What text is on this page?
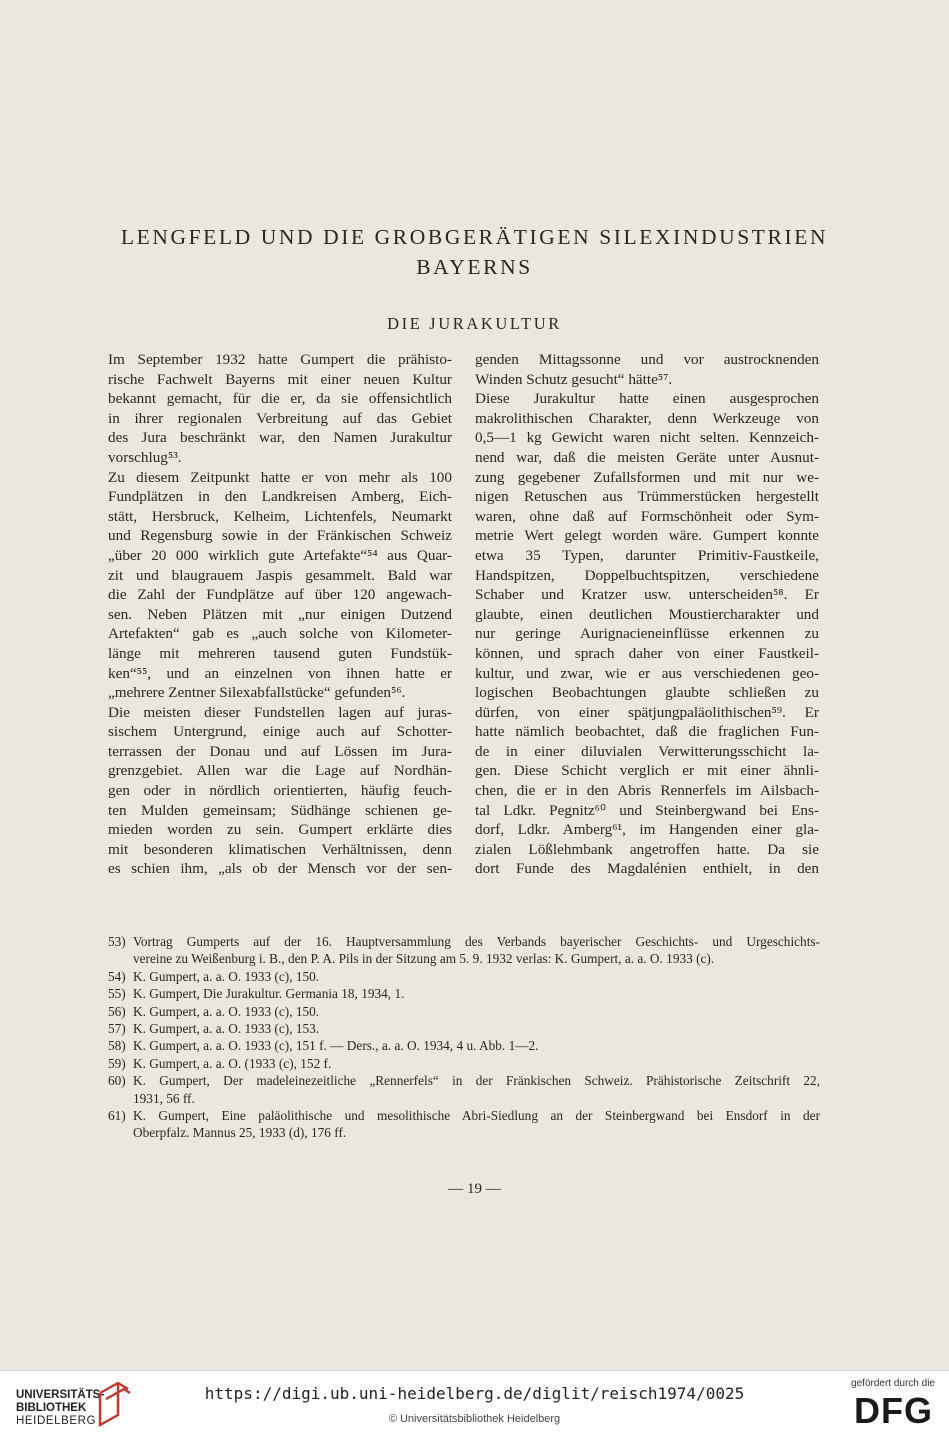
LENGFELD UND DIE GROBGERÄTIGEN SILEXINDUSTRIEN
BAYERNS
DIE JURAKULTUR
Im September 1932 hatte Gumpert die prähisto-
rische Fachwelt Bayerns mit einer neuen Kultur
bekannt gemacht, für die er, da sie offensichtlich
in ihrer regionalen Verbreitung auf das Gebiet
des Jura beschränkt war, den Namen Jurakultur
vorschlug⁵³.
Zu diesem Zeitpunkt hatte er von mehr als 100
Fundplätzen in den Landkreisen Amberg, Eich-
stätt, Hersbruck, Kelheim, Lichtenfels, Neumarkt
und Regensburg sowie in der Fränkischen Schweiz
„über 20 000 wirklich gute Artefakte“⁵⁴ aus Quar-
zit und blaugrauem Jaspis gesammelt. Bald war
die Zahl der Fundplätze auf über 120 angewach-
sen. Neben Plätzen mit „nur einigen Dutzend
Artefakten“ gab es „auch solche von Kilometer-
länge mit mehreren tausend guten Fundstük-
ken“⁵⁵, und an einzelnen von ihnen hatte er
„mehrere Zentner Silexabfallstücke“ gefunden⁵⁶.
Die meisten dieser Fundstellen lagen auf juras-
sischem Untergrund, einige auch auf Schotter-
terrassen der Donau und auf Lössen im Jura-
grenzgebiet. Allen war die Lage auf Nordhän-
gen oder in nördlich orientierten, häufig feuch-
ten Mulden gemeinsam; Südhänge schienen ge-
mieden worden zu sein. Gumpert erklärte dies
mit besonderen klimatischen Verhältnissen, denn
es schien ihm, „als ob der Mensch vor der sen-
genden Mittagssonne und vor austrocknenden
Winden Schutz gesucht“ hätte⁵⁷.
Diese Jurakultur hatte einen ausgesprochen
makrolithischen Charakter, denn Werkzeuge von
0,5—1 kg Gewicht waren nicht selten. Kennzeich-
nend war, daß die meisten Geräte unter Ausnut-
zung gegebener Zufallsformen und mit nur we-
nigen Retuschen aus Trümmerstücken hergestellt
waren, ohne daß auf Formschönheit oder Sym-
metrie Wert gelegt worden wäre. Gumpert konnte
etwa 35 Typen, darunter Primitiv-Faustkeile,
Handspitzen, Doppelbuchtspitzen, verschiedene
Schaber und Kratzer usw. unterscheiden⁵⁸. Er
glaubte, einen deutlichen Moustiercharakter und
nur geringe Aurignacieneinflüsse erkennen zu
können, und sprach daher von einer Faustkeil-
kultur, und zwar, wie er aus verschiedenen geo-
logischen Beobachtungen glaubte schließen zu
dürfen, von einer spätjungpaläolithischen⁵⁹. Er
hatte nämlich beobachtet, daß die fraglichen Fun-
de in einer diluvialen Verwitterungsschicht la-
gen. Diese Schicht verglich er mit einer ähnli-
chen, die er in den Abris Rennerfels im Ailsbach-
tal Ldkr. Pegnitz⁶⁰ und Steinbergwand bei Ens-
dorf, Ldkr. Amberg⁶¹, im Hangenden einer gla-
zialen Lößlehmbank angetroffen hatte. Da sie
dort Funde des Magdalénien enthielt, in den
53) Vortrag Gumperts auf der 16. Hauptversammlung des Verbands bayerischer Geschichts- und Urgeschichts-
vereine zu Weißenburg i. B., den P. A. Pils in der Sitzung am 5. 9. 1932 verlas: K. Gumpert, a. a. O. 1933 (c).
54) K. Gumpert, a. a. O. 1933 (c), 150.
55) K. Gumpert, Die Jurakultur. Germania 18, 1934, 1.
56) K. Gumpert, a. a. O. 1933 (c), 150.
57) K. Gumpert, a. a. O. 1933 (c), 153.
58) K. Gumpert, a. a. O. 1933 (c), 151 f. — Ders., a. a. O. 1934, 4 u. Abb. 1—2.
59) K. Gumpert, a. a. O. (1933 (c), 152 f.
60) K. Gumpert, Der madeleinezeitliche „Rennerfels“ in der Fränkischen Schweiz. Prähistorische Zeitschrift 22,
1931, 56 ff.
61) K. Gumpert, Eine paläolithische und mesolithische Abri-Siedlung an der Steinbergwand bei Ensdorf in der
Oberpfalz. Mannus 25, 1933 (d), 176 ff.
— 19 —
UNIVERSITÄTS-
BIBLIOTHEK
HEIDELBERG
https://digi.ub.uni-heidelberg.de/diglit/reisch1974/0025
© Universitätsbibliothek Heidelberg
gefördert durch die
DFG
